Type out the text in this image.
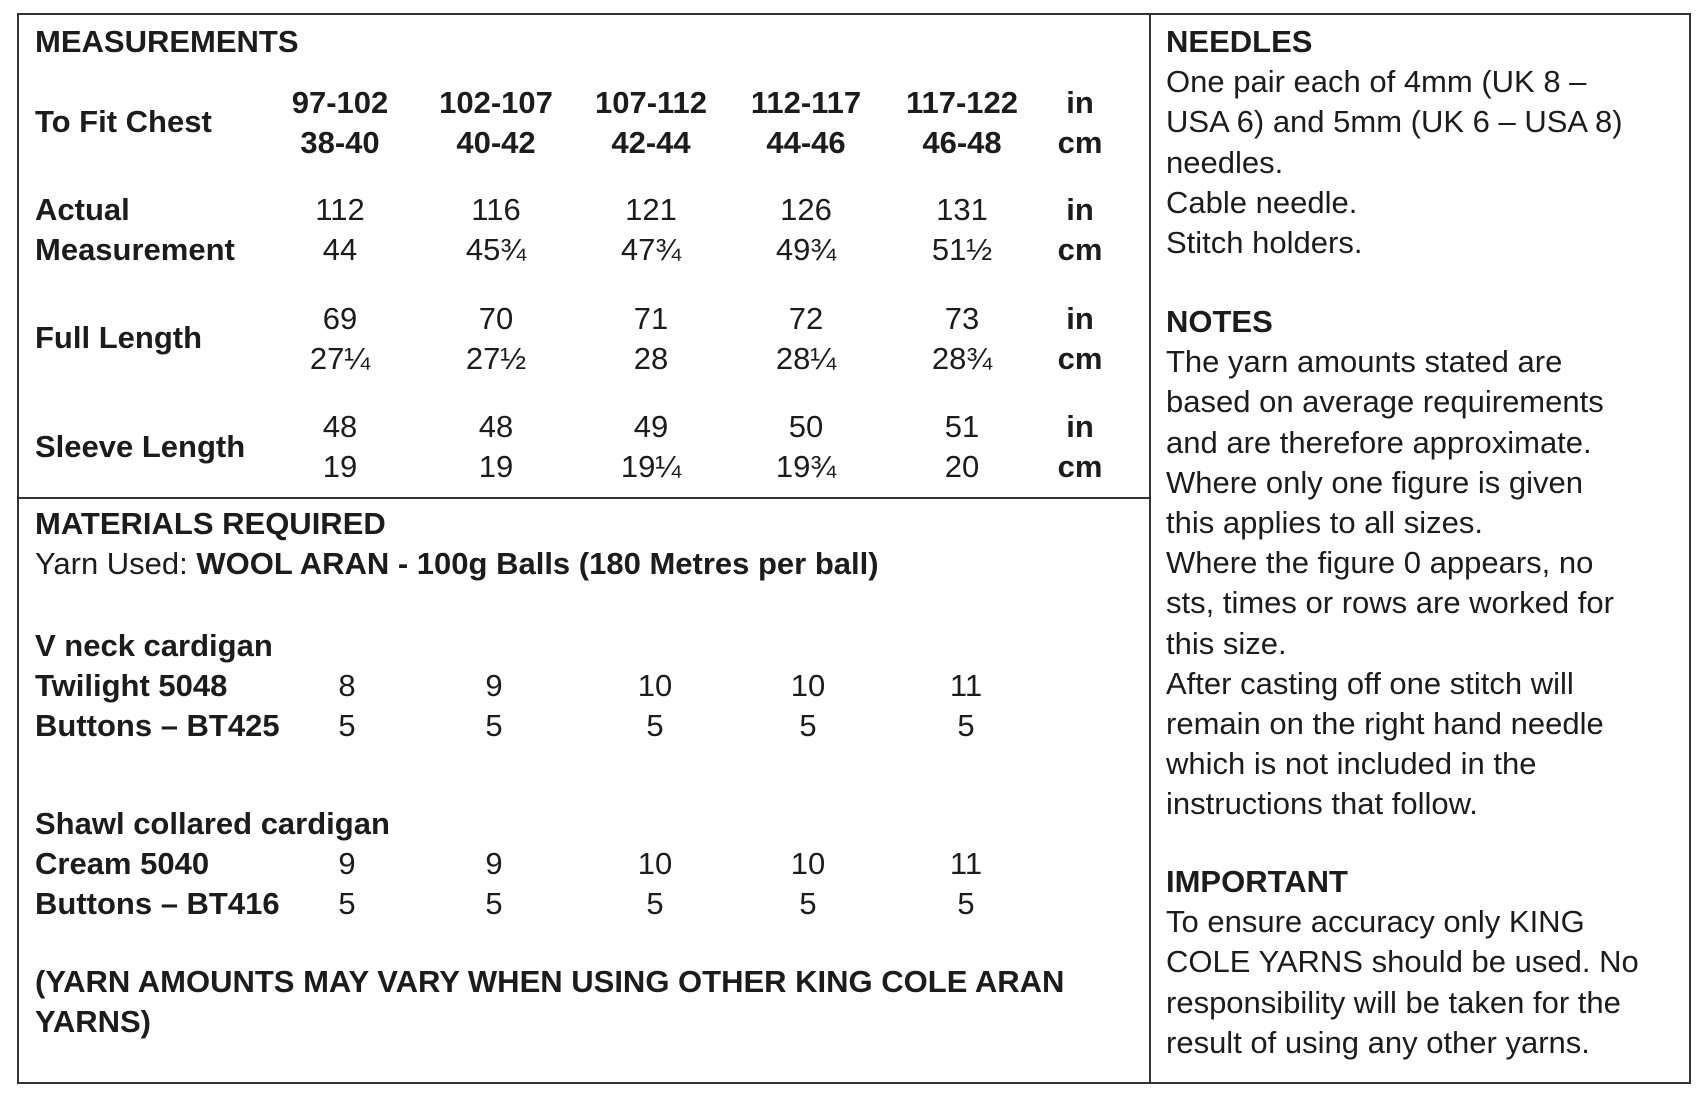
MEASUREMENTS
To Fit Chest
97-102 102-107 107-112 112-117 117-122 in
38-40 40-42 42-44 44-46 46-48 cm
Actual
Measurement
112	116	121	126	131	in
44	45¾	47¾	49¾	51½ cm
Full Length
69	70	71	72	73	in
27¼	27½	28	28¼	28¾ cm
Sleeve Length
48	48	49	50	51	in
19	19	19¼	19¾	20	cm
MATERIALS REQUIRED
Yarn Used: WOOL ARAN - 100g Balls (180 Metres per ball)
V neck cardigan
Twilight 5048	8	9	10	10	11
Buttons – BT425 5	5	5	5	5
Shawl collared cardigan
Cream 5040	9	9	10	10	11
Buttons – BT416 5	5	5	5	5
(YARN AMOUNTS MAY VARY WHEN USING OTHER KING COLE ARAN
YARNS)
NEEDLES
One pair each of 4mm (UK 8 –
USA 6) and 5mm (UK 6 – USA 8)
needles.
Cable needle.
Stitch holders.
NOTES
The yarn amounts stated are
based on average requirements
and are therefore approximate.
Where only one figure is given
this applies to all sizes.
Where the figure 0 appears, no
sts, times or rows are worked for
this size.
After casting off one stitch will
remain on the right hand needle
which is not included in the
instructions that follow.
IMPORTANT
To ensure accuracy only KING
COLE YARNS should be used. No
responsibility will be taken for the
result of using any other yarns.
